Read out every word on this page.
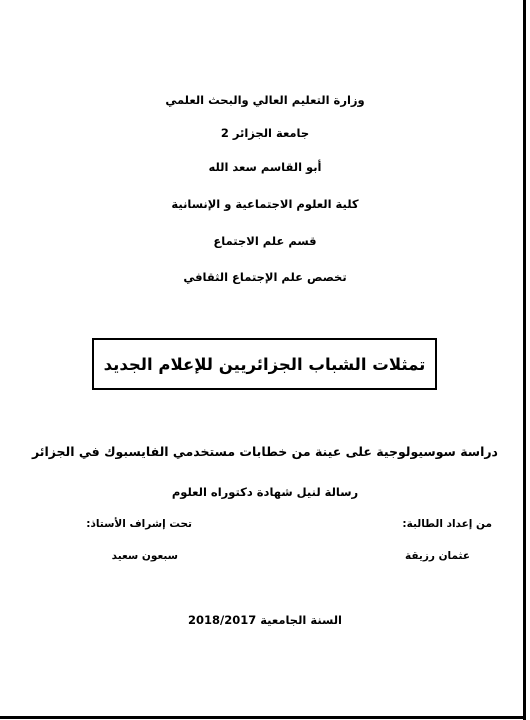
وزارة التعليم العالي والبحث العلمي
جامعة الجزائر 2
أبو القاسم سعد الله
كلية العلوم الاجتماعية و الإنسانية
قسم علم الاجتماع
تخصص علم الإجتماع الثقافي
تمثلات الشباب الجزائريين للإعلام الجديد
دراسة سوسيولوجية على عينة من خطابات مستخدمي الفايسبوك في الجزائر
رسالة لنيل شهادة دكتوراه العلوم
من إعداد الطالبة:
تحت إشراف الأستاذ:
عثمان رزيقة
سبعون سعيد
السنة الجامعية 2018/2017
